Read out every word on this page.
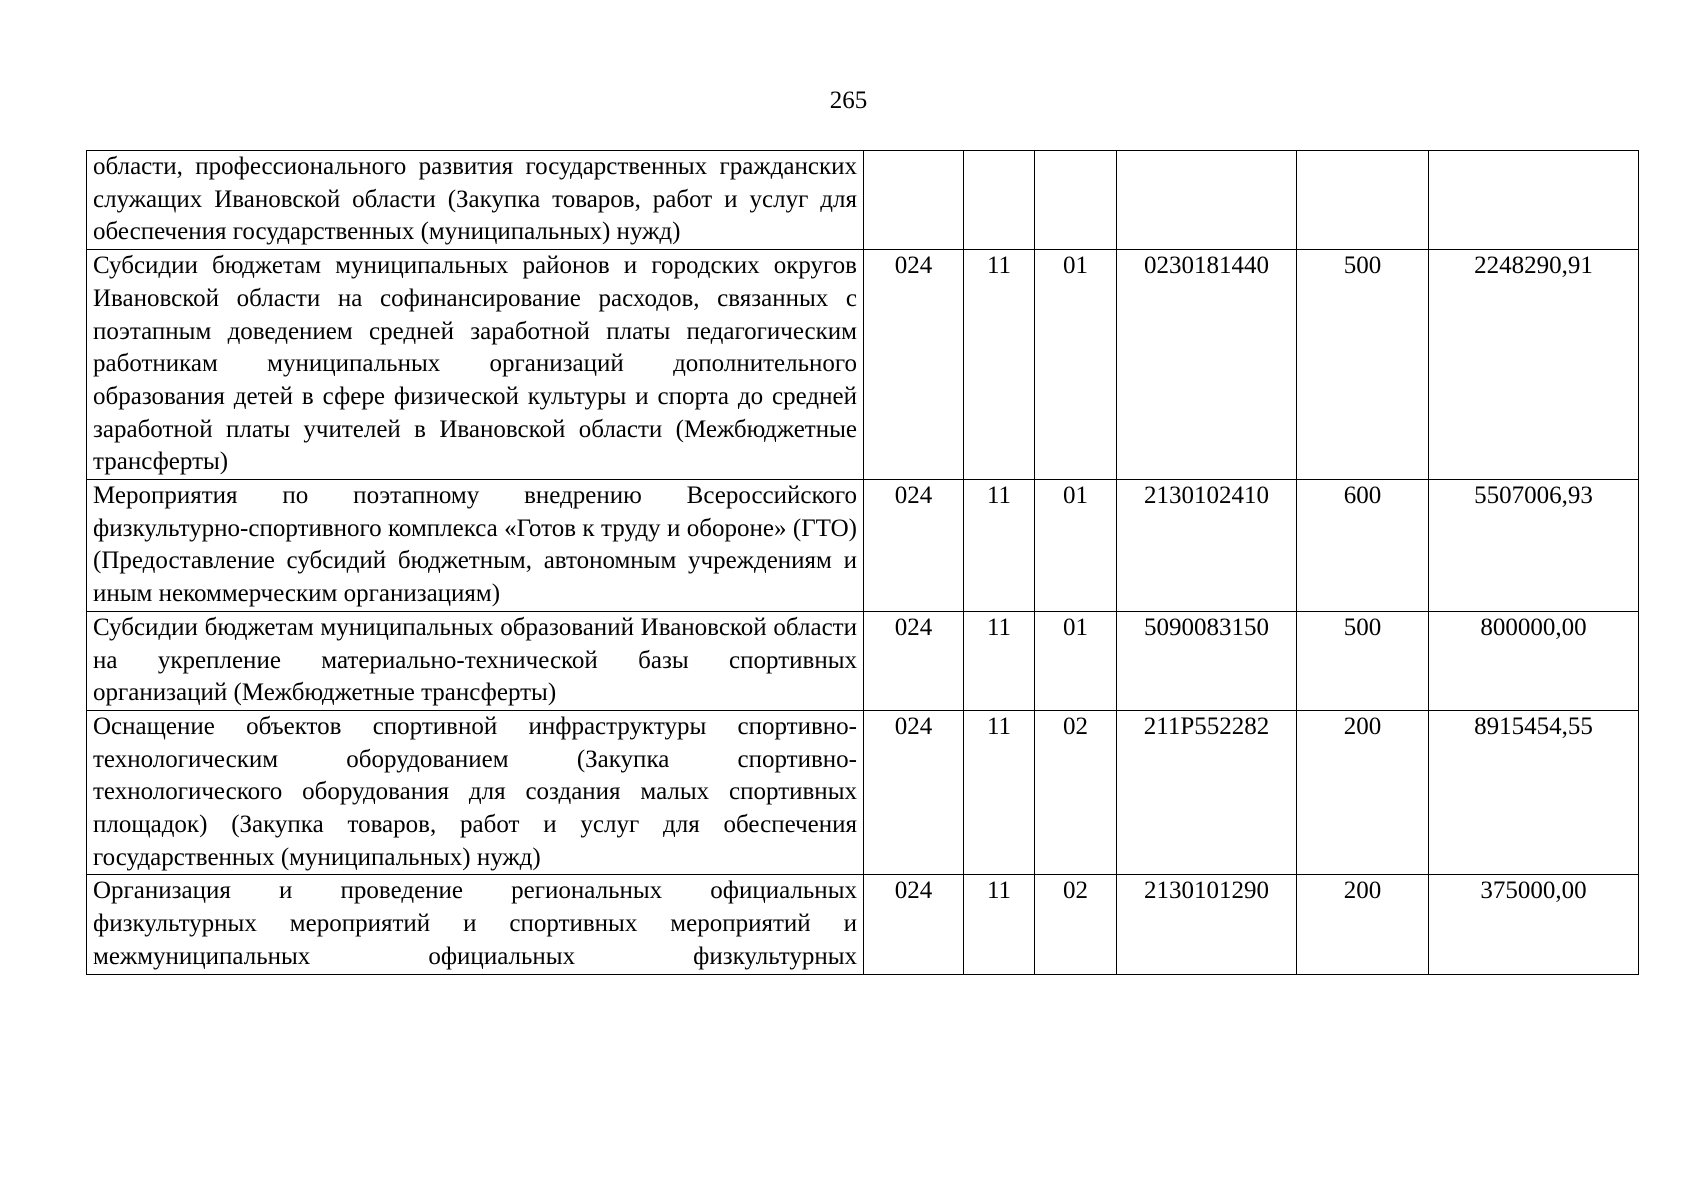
265
области, профессионального развития государственных гражданских служащих Ивановской области (Закупка товаров, работ и услуг для обеспечения государственных (муниципальных) нужд)						
Субсидии бюджетам муниципальных районов и городских округов Ивановской области на софинансирование расходов, связанных с поэтапным доведением средней заработной платы педагогическим работникам муниципальных организаций дополнительного образования детей в сфере физической культуры и спорта до средней заработной платы учителей в Ивановской области (Межбюджетные трансферты)	024	11	01	0230181440	500	2248290,91
Мероприятия по поэтапному внедрению Всероссийского физкультурно-спортивного комплекса «Готов к труду и обороне» (ГТО) (Предоставление субсидий бюджетным, автономным учреждениям и иным некоммерческим организациям)	024	11	01	2130102410	600	5507006,93
Субсидии бюджетам муниципальных образований Ивановской области на укрепление материально-технической базы спортивных организаций (Межбюджетные трансферты)	024	11	01	5090083150	500	800000,00
Оснащение объектов спортивной инфраструктуры спортивно-технологическим оборудованием (Закупка спортивно-технологического оборудования для создания малых спортивных площадок) (Закупка товаров, работ и услуг для обеспечения государственных (муниципальных) нужд)	024	11	02	211P552282	200	8915454,55
Организация и проведение региональных официальных физкультурных мероприятий и спортивных мероприятий и межмуниципальных официальных физкультурных	024	11	02	2130101290	200	375000,00
